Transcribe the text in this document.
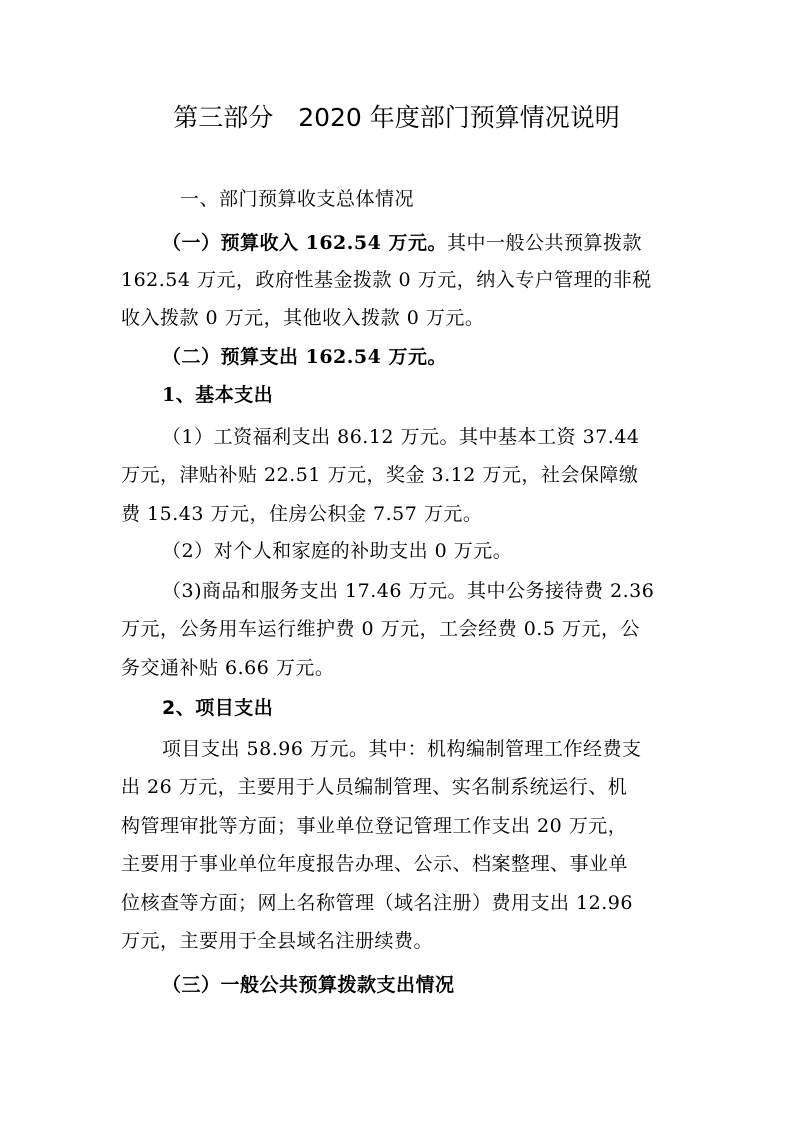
第三部分　2020 年度部门预算情况说明
一、部门预算收支总体情况
（一）预算收入 162.54 万元。其中一般公共预算拨款
162.54 万元，政府性基金拨款 0 万元，纳入专户管理的非税
收入拨款 0 万元，其他收入拨款 0 万元。
（二）预算支出 162.54 万元。
1、基本支出
（1）工资福利支出 86.12 万元。其中基本工资 37.44
万元，津贴补贴 22.51 万元，奖金 3.12 万元，社会保障缴
费 15.43 万元，住房公积金 7.57 万元。
（2）对个人和家庭的补助支出 0 万元。
（3)商品和服务支出 17.46 万元。其中公务接待费 2.36
万元，公务用车运行维护费 0 万元，工会经费 0.5 万元，公
务交通补贴 6.66 万元。
2、项目支出
项目支出 58.96 万元。其中：机构编制管理工作经费支
出 26 万元，主要用于人员编制管理、实名制系统运行、机
构管理审批等方面；事业单位登记管理工作支出 20 万元，
主要用于事业单位年度报告办理、公示、档案整理、事业单
位核查等方面；网上名称管理（域名注册）费用支出 12.96
万元，主要用于全县域名注册续费。
（三）一般公共预算拨款支出情况
